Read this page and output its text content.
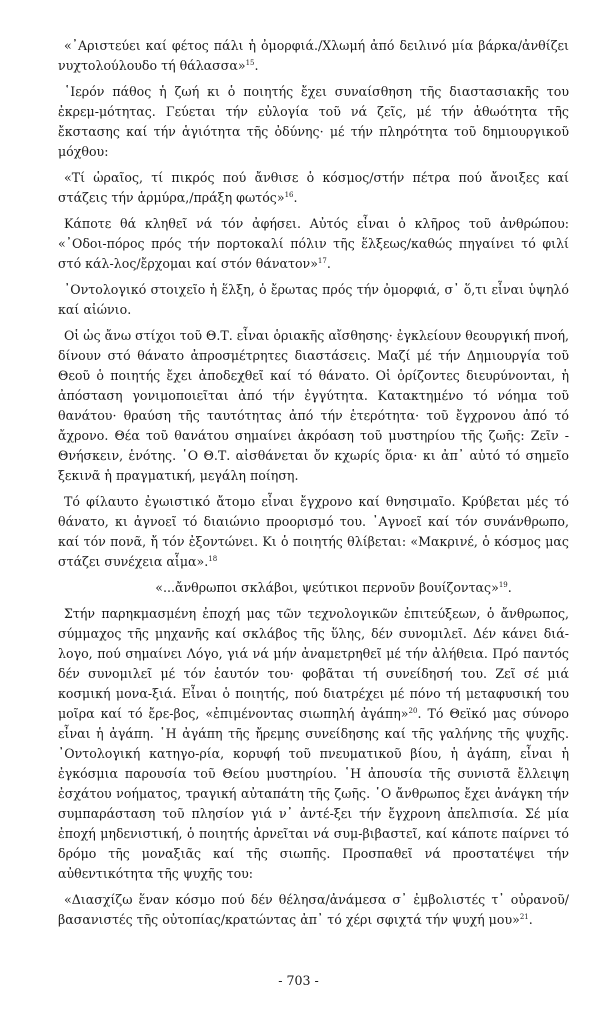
«᾿Αριστεύει καί φέτος πάλι ἡ ὀμορφιά./Χλωμή ἀπό δειλινό μία βάρκα/ἀνθίζει νυχτολούλουδο τή θάλασσα»$^{15}$.

῾Ιερόν πάθος ἡ ζωή κι ὁ ποιητής ἔχει συναίσθηση τῆς διαστασιακῆς του ἐκρεμ-μότητας. Γεύεται τήν εὐλογία τοῦ νά ζεῖς, μέ τήν ἀθωότητα τῆς ἔκστασης καί τήν ἁγιότητα τῆς ὀδύνης· μέ τήν πληρότητα τοῦ δημιουργικοῦ μόχθου:

«Τί ὡραῖος, τί πικρός πού ἄνθισε ὁ κόσμος/στήν πέτρα πού ἄνοιξες καί στάζεις τήν ἁρμύρα,/πράξη φωτός»$^{16}$.

Κάποτε θά κληθεῖ νά τόν ἀφήσει. Αὐτός εἶναι ὁ κλῆρος τοῦ ἀνθρώπου: «᾿Οδοι-πόρος πρός τήν πορτοκαλί πόλιν τῆς ἕλξεως/καθώς πηγαίνει τό φιλί στό κάλ-λος/ἔρχομαι καί στόν θάνατον»$^{17}$.

᾿Οντολογικό στοιχεῖο ἡ ἕλξη, ὁ ἔρωτας πρός τήν ὀμορφιά, σ᾿ ὅ,τι εἶναι ὑψηλό καί αἰώνιο.

Οἱ ὡς ἄνω στίχοι τοῦ Θ.Τ. εἶναι ὁριακῆς αἴσθησης· ἐγκλείουν θεουργική πνοή, δίνουν στό θάνατο ἀπροσμέτρητες διαστάσεις. Μαζί μέ τήν Δημιουργία τοῦ Θεοῦ ὁ ποιητής ἔχει ἀποδεχθεῖ καί τό θάνατο. Οἱ ὁρίζοντες διευρύνονται, ἡ ἀπόσταση γονιμοποιεῖται ἀπό τήν ἐγγύτητα. Κατακτημένο τό νόημα τοῦ θανάτου· θραύση τῆς ταυτότητας ἀπό τήν ἑτερότητα· τοῦ ἔγχρονου ἀπό τό ἄχρονο. Θέα τοῦ θανάτου σημαίνει ἀκρόαση τοῦ μυστηρίου τῆς ζωῆς: Ζεῖν - Θνήσκειν, ἑνότης. ῾Ο Θ.Τ. αἰσθάνεται ὄν κχωρίς ὅρια· κι ἀπ᾿ αὐτό τό σημεῖο ξεκινᾶ ἡ πραγματική, μεγάλη ποίηση.

Τό φίλαυτο ἐγωιστικό ἄτομο εἶναι ἔγχρονο καί θνησιμαῖο. Κρύβεται μές τό θάνατο, κι ἀγνοεῖ τό διαιώνιο προορισμό του. ᾿Αγνοεῖ καί τόν συνάνθρωπο, καί τόν πονᾶ, ἤ τόν ἐξοντώνει. Κι ὁ ποιητής θλίβεται: «Μακρινέ, ὁ κόσμος μας στάζει συνέχεια αἷμα».$^{18}$

«...ἄνθρωποι σκλάβοι, ψεύτικοι περνοῦν βουίζοντας»$^{19}$.

Στήν παρηκμασμένη ἐποχή μας τῶν τεχνολογικῶν ἐπιτεύξεων, ὁ ἄνθρωπος, σύμμαχος τῆς μηχανῆς καί σκλάβος τῆς ὕλης, δέν συνομιλεῖ. Δέν κάνει διά-λογο, πού σημαίνει Λόγο, γιά νά μήν ἀναμετρηθεῖ μέ τήν ἀλήθεια. Πρό παντός δέν συνομιλεῖ μέ τόν ἑαυτόν του· φοβᾶται τή συνείδησή του. Ζεῖ σέ μιά κοσμική μονα-ξιά. Εἶναι ὁ ποιητής, πού διατρέχει μέ πόνο τή μεταφυσική του μοῖρα καί τό ἔρε-βος, «ἐπιμένοντας σιωπηλή ἀγάπη»$^{20}$. Τό Θεϊκό μας σύνορο εἶναι ἡ ἀγάπη. ῾Η ἀγάπη τῆς ἤρεμης συνείδησης καί τῆς γαλήνης τῆς ψυχῆς. ᾿Οντολογική κατηγο-ρία, κορυφή τοῦ πνευματικοῦ βίου, ἡ ἀγάπη, εἶναι ἡ ἐγκόσμια παρουσία τοῦ Θείου μυστηρίου. ῾Η ἀπουσία τῆς συνιστᾶ ἔλλειψη ἐσχάτου νοήματος, τραγική αὐταπάτη τῆς ζωῆς. ῾Ο ἄνθρωπος ἔχει ἀνάγκη τήν συμπαράσταση τοῦ πλησίον γιά ν᾿ ἀντέ-ξει τήν ἔγχρονη ἀπελπισία. Σέ μία ἐποχή μηδενιστική, ὁ ποιητής ἀρνεῖται νά συμ-βιβαστεῖ, καί κάποτε παίρνει τό δρόμο τῆς μοναξιᾶς καί τῆς σιωπῆς. Προσπαθεῖ νά προστατέψει τήν αὐθεντικότητα τῆς ψυχῆς του:

«Διασχίζω ἕναν κόσμο πού δέν θέλησα/ἀνάμεσα σ᾿ ἐμβολιστές τ᾿ οὐρανοῦ/βασανιστές τῆς οὐτοπίας/κρατώντας ἀπ᾿ τό χέρι σφιχτά τήν ψυχή μου»$^{21}$.

- 703 -
